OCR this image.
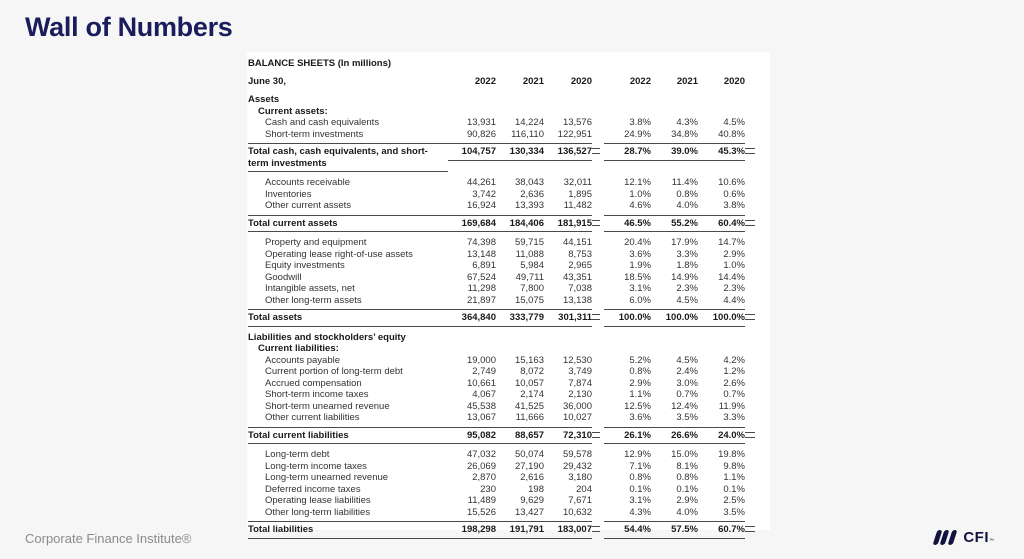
Wall of Numbers
BALANCE SHEETS (In millions)
June 30,	2022	2021	2020	2022	2021	2020
Assets
Current assets:
Cash and cash equivalents	13,931	14,224	13,576	3.8%	4.3%	4.5%
Short-term investments	90,826	116,110	122,951	24.9%	34.8%	40.8%
Total cash, cash equivalents, and short-term investments
104,757	130,334	136,527	28.7%	39.0%	45.3%
Accounts receivable	44,261	38,043	32,011	12.1%	11.4%	10.6%
Inventories	3,742	2,636	1,895	1.0%	0.8%	0.6%
Other current assets	16,924	13,393	11,482	4.6%	4.0%	3.8%
Total current assets	169,684	184,406	181,915	46.5%	55.2%	60.4%
Property and equipment	74,398	59,715	44,151	20.4%	17.9%	14.7%
Operating lease right-of-use assets	13,148	11,088	8,753	3.6%	3.3%	2.9%
Equity investments	6,891	5,984	2,965	1.9%	1.8%	1.0%
Goodwill	67,524	49,711	43,351	18.5%	14.9%	14.4%
Intangible assets, net	11,298	7,800	7,038	3.1%	2.3%	2.3%
Other long-term assets	21,897	15,075	13,138	6.0%	4.5%	4.4%
Total assets	364,840	333,779	301,311	100.0%	100.0%	100.0%
Liabilities and stockholders’ equity
Current liabilities:
Accounts payable	19,000	15,163	12,530	5.2%	4.5%	4.2%
Current portion of long-term debt	2,749	8,072	3,749	0.8%	2.4%	1.2%
Accrued compensation	10,661	10,057	7,874	2.9%	3.0%	2.6%
Short-term income taxes	4,067	2,174	2,130	1.1%	0.7%	0.7%
Short-term unearned revenue	45,538	41,525	36,000	12.5%	12.4%	11.9%
Other current liabilities	13,067	11,666	10,027	3.6%	3.5%	3.3%
Total current liabilities	95,082	88,657	72,310	26.1%	26.6%	24.0%
Long-term debt	47,032	50,074	59,578	12.9%	15.0%	19.8%
Long-term income taxes	26,069	27,190	29,432	7.1%	8.1%	9.8%
Long-term unearned revenue	2,870	2,616	3,180	0.8%	0.8%	1.1%
Deferred income taxes	230	198	204	0.1%	0.1%	0.1%
Operating lease liabilities	11,489	9,629	7,671	3.1%	2.9%	2.5%
Other long-term liabilities	15,526	13,427	10,632	4.3%	4.0%	3.5%
Total liabilities	198,298	191,791	183,007	54.4%	57.5%	60.7%
Corporate Finance Institute®	CFI ™
